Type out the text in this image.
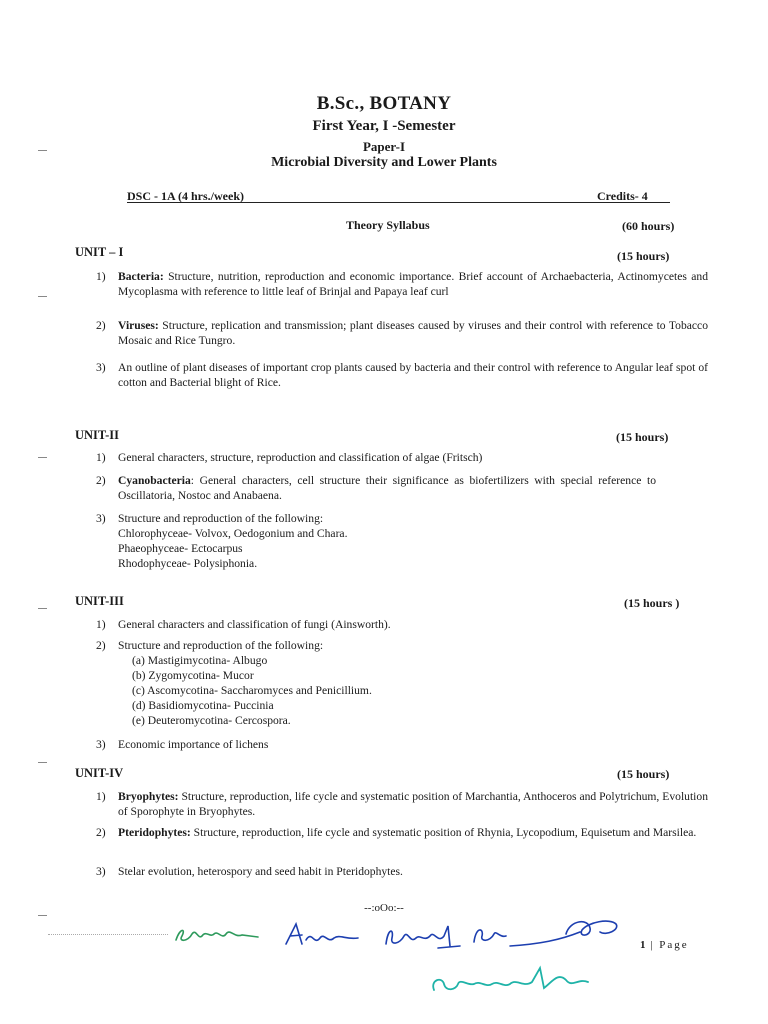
B.Sc., BOTANY
First Year, I -Semester
Paper-I
Microbial Diversity and Lower Plants
DSC - 1A (4 hrs./week)	Credits- 4
Theory Syllabus	(60 hours)
UNIT – I	(15 hours)
1)	Bacteria: Structure, nutrition, reproduction and economic importance. Brief account of Archaebacteria, Actinomycetes and Mycoplasma with reference to little leaf of Brinjal and Papaya leaf curl
2)	Viruses: Structure, replication and transmission; plant diseases caused by viruses and their control with reference to Tobacco Mosaic and Rice Tungro.
3)	An outline of plant diseases of important crop plants caused by bacteria and their control with reference to Angular leaf spot of cotton and Bacterial blight of Rice.
UNIT-II	(15 hours)
1)	General characters, structure, reproduction and classification of algae (Fritsch)
2)	Cyanobacteria: General characters, cell structure their significance as biofertilizers with special reference to Oscillatoria, Nostoc and Anabaena.
3)	Structure and reproduction of the following:
Chlorophyceae- Volvox, Oedogonium and Chara.
Phaeophyceae- Ectocarpus
Rhodophyceae- Polysiphonia.
UNIT-III	(15 hours )
1)	General characters and classification of fungi (Ainsworth).
2)	Structure and reproduction of the following:
(a) Mastigimycotina- Albugo
(b) Zygomycotina- Mucor
(c) Ascomycotina- Saccharomyces and Penicillium.
(d) Basidiomycotina- Puccinia
(e) Deuteromycotina- Cercospora.
3)	Economic importance of lichens
UNIT-IV	(15 hours)
1)	Bryophytes: Structure, reproduction, life cycle and systematic position of Marchantia, Anthoceros and Polytrichum, Evolution of Sporophyte in Bryophytes.
2)	Pteridophytes: Structure, reproduction, life cycle and systematic position of Rhynia, Lycopodium, Equisetum and Marsilea.
3)	Stelar evolution, heterospory and seed habit in Pteridophytes.
--:oOo:--
1 | Page
